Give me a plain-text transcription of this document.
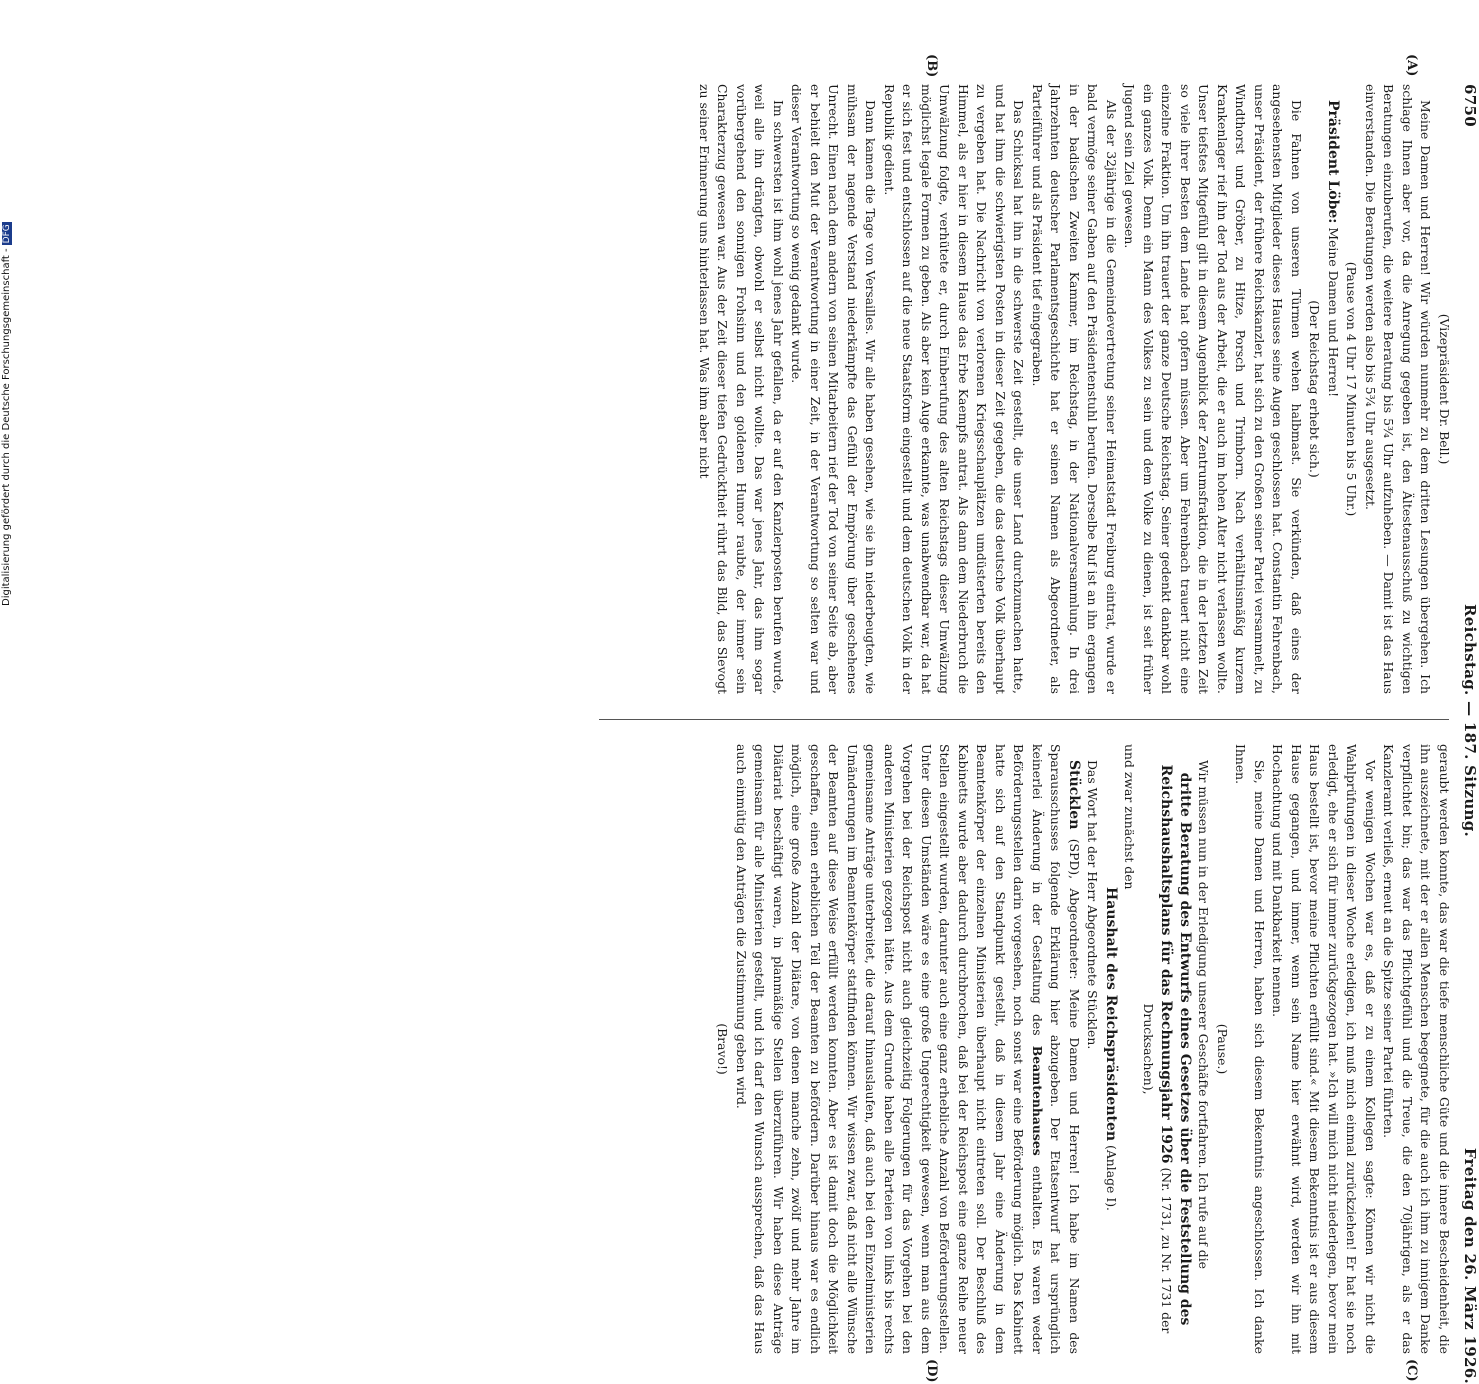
Digitalisierung gefördert durch die Deutsche Forschungsgemeinschaft -DFG
6750
Reichstag. — 187. Sitzung.
Freitag den 26. März 1926.
(A)
(B)
(C)
(D)

(Vizepräsident Dr. Bell.)

Meine Damen und Herren! Wir würden nunmehr zu dem dritten Lesungen übergehen. Ich schlage Ihnen aber vor, da die Anregung gegeben ist, den Ältestenausschuß zu wichtigen Beratungen einzuberufen, die weitere Beratung bis 5¾ Uhr aufzuheben. — Damit ist das Haus einverstanden. Die Beratungen werden also bis 5¾ Uhr ausgesetzt.

(Pause von 4 Uhr 17 Minuten bis 5 Uhr.)

Präsident Löbe: Meine Damen und Herren!

(Der Reichstag erhebt sich.)

Die Fahnen von unseren Türmen wehen halbmast. Sie verkünden, daß eines der angesehensten Mitglieder dieses Hauses seine Augen geschlossen hat. Constantin Fehrenbach, unser Präsident, der frühere Reichskanzler, hat sich zu den Großen seiner Partei versammelt, zu Windthorst und Gröber, zu Hitze, Porsch und Trimborn. Nach verhältnismäßig kurzem Krankenlager rief ihn der Tod aus der Arbeit, die er auch im hohen Alter nicht verlassen wollte. Unser tiefstes Mitgefühl gilt in diesem Augenblick der Zentrumsfraktion, die in der letzten Zeit so viele ihrer Besten dem Lande hat opfern müssen. Aber um Fehrenbach trauert nicht eine einzelne Fraktion. Um ihn trauert der ganze Deutsche Reichstag. Seiner gedenkt dankbar wohl ein ganzes Volk. Denn ein Mann des Volkes zu sein und dem Volke zu dienen, ist seit früher Jugend sein Ziel gewesen.

Als der 32jährige in die Gemeindevertretung seiner Heimatstadt Freiburg eintrat, wurde er bald vermöge seiner Gaben auf den Präsidentenstuhl berufen. Derselbe Ruf ist an ihn ergangen in der badischen Zweiten Kammer, im Reichstag, in der Nationalversammlung. In drei Jahrzehnten deutscher Parlamentsgeschichte hat er seinen Namen als Abgeordneter, als Parteiführer und als Präsident tief eingegraben.

Das Schicksal hat ihn in die schwerste Zeit gestellt, die unser Land durchzumachen hatte, und hat ihm die schwierigsten Posten in dieser Zeit gegeben, die das deutsche Volk überhaupt zu vergeben hat. Die Nachricht von verlorenen Kriegsschauplätzen umdüsterten bereits den Himmel, als er hier in diesem Hause das Erbe Kaempfs antrat. Als dann dem Niederbruch die Umwälzung folgte, verhütete er, durch Einberufung des alten Reichstags dieser Umwälzung möglichst legale Formen zu geben. Als aber kein Auge erkannte, was unabwendbar war, da hat er sich fest und entschlossen auf die neue Staatsform eingestellt und dem deutschen Volk in der Republik gedient.

Dann kamen die Tage von Versailles. Wir alle haben gesehen, wie sie ihn niederbeugten, wie mühsam der nagende Verstand niederkämpfte das Gefühl der Empörung über geschehenes Unrecht. Einen nach dem andern von seinen Mitarbeitern rief der Tod von seiner Seite ab, aber er behielt den Mut der Verantwortung in einer Zeit, in der Verantwortung so selten war und dieser Verantwortung so wenig gedankt wurde.

Im schwersten ist ihm wohl jenes Jahr gefallen, da er auf den Kanzlerposten berufen wurde, weil alle ihn drängten, obwohl er selbst nicht wollte. Das war jenes Jahr, das ihm sogar vorübergehend den sonnigen Frohsinn und den goldenen Humor raubte, der immer sein Charakterzug gewesen war. Aus der Zeit dieser tiefen Gedrücktheit rührt das Bild, das Slevogt zu seiner Erinnerung uns hinterlassen hat. Was ihm aber nicht

geraubt werden konnte, das war die tiefe menschliche Güte und die innere Bescheidenheit, die ihn auszeichnete, mit der er allen Menschen begegnete, für die auch ich ihm zu innigem Danke verpflichtet bin; das war das Pflichtgefühl und die Treue, die den 70jährigen, als er das Kanzleramt verließ, erneut an die Spitze seiner Partei führten.

Vor wenigen Wochen war es, daß er zu einem Kollegen sagte: Können wir nicht die Wahlprüfungen in dieser Woche erledigen, ich muß mich einmal zurückziehen! Er hat sie noch erledigt, ehe er sich für immer zurückgezogen hat. »Ich will mich nicht niederlegen, bevor mein Haus bestellt ist, bevor meine Pflichten erfüllt sind.« Mit diesem Bekenntnis ist er aus diesem Hause gegangen, und immer, wenn sein Name hier erwähnt wird, werden wir ihn mit Hochachtung und mit Dankbarkeit nennen.

Sie, meine Damen und Herren, haben sich diesem Bekenntnis angeschlossen. Ich danke Ihnen.

(Pause.)

Wir müssen nun in der Erledigung unserer Geschäfte fortfahren. Ich rufe auf die

dritte Beratung des Entwurfs eines Gesetzes über die Feststellung des Reichshaushaltsplans für das Rechnungsjahr 1926 (Nr. 1731, zu Nr. 1731 der Drucksachen),

und zwar zunächst den

Haushalt des Reichspräsidenten (Anlage I).

Das Wort hat der Herr Abgeordnete Stücklen.

Stücklen (SPD), Abgeordneter: Meine Damen und Herren! Ich habe im Namen des Sparausschusses folgende Erklärung hier abzugeben. Der Etatsentwurf hat ursprünglich keinerlei Änderung in der Gestaltung des Beamtenhauses enthalten. Es waren weder Beförderungsstellen darin vorgesehen, noch sonst war eine Beförderung möglich. Das Kabinett hatte sich auf den Standpunkt gestellt, daß in diesem Jahr eine Änderung in dem Beamtenkörper der einzelnen Ministerien überhaupt nicht eintreten soll. Der Beschluß des Kabinetts wurde aber dadurch durchbrochen, daß bei der Reichspost eine ganze Reihe neuer Stellen eingestellt wurden, darunter auch eine ganz erhebliche Anzahl von Beförderungsstellen. Unter diesen Umständen wäre es eine große Ungerechtigkeit gewesen, wenn man aus dem Vorgehen bei der Reichspost nicht auch gleichzeitig Folgerungen für das Vorgehen bei den anderen Ministerien gezogen hätte. Aus dem Grunde haben alle Parteien von links bis rechts gemeinsame Anträge unterbreitet, die darauf hinauslaufen, daß auch bei den Einzelministerien Umänderungen im Beamtenkörper stattfinden können. Wir wissen zwar, daß nicht alle Wünsche der Beamten auf diese Weise erfüllt werden konnten. Aber es ist damit doch die Möglichkeit geschaffen, einen erheblichen Teil der Beamten zu befördern. Darüber hinaus war es endlich möglich, eine große Anzahl der Diätare, von denen manche zehn, zwölf und mehr Jahre im Diätariat beschäftigt waren, in planmäßige Stellen überzuführen. Wir haben diese Anträge gemeinsam für alle Ministerien gestellt, und ich darf den Wunsch aussprechen, daß das Haus auch einmütig den Anträgen die Zustimmung geben wird.

(Bravo!)
